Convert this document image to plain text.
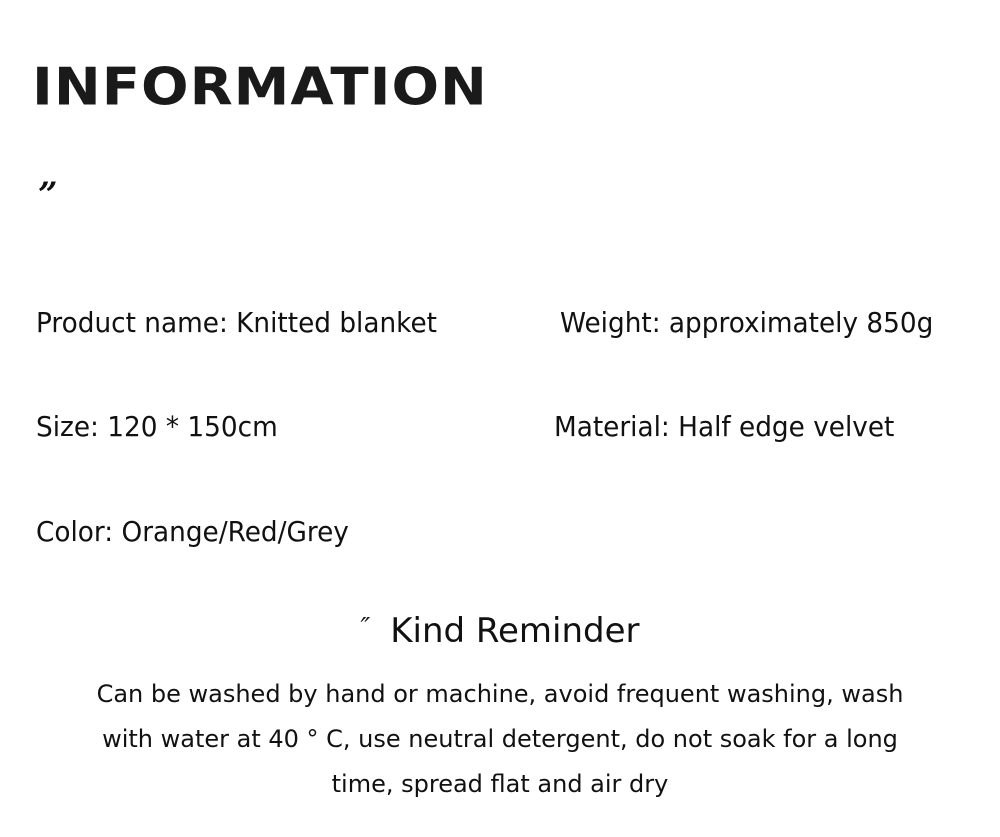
INFORMATION
”
Product name: Knitted blanket	Weight: approximately 850g
Size: 120 * 150cm	Material: Half edge velvet
Color: Orange/Red/Grey
″ Kind Reminder
Can be washed by hand or machine, avoid frequent washing, wash
with water at 40 ° C, use neutral detergent, do not soak for a long
time, spread flat and air dry
